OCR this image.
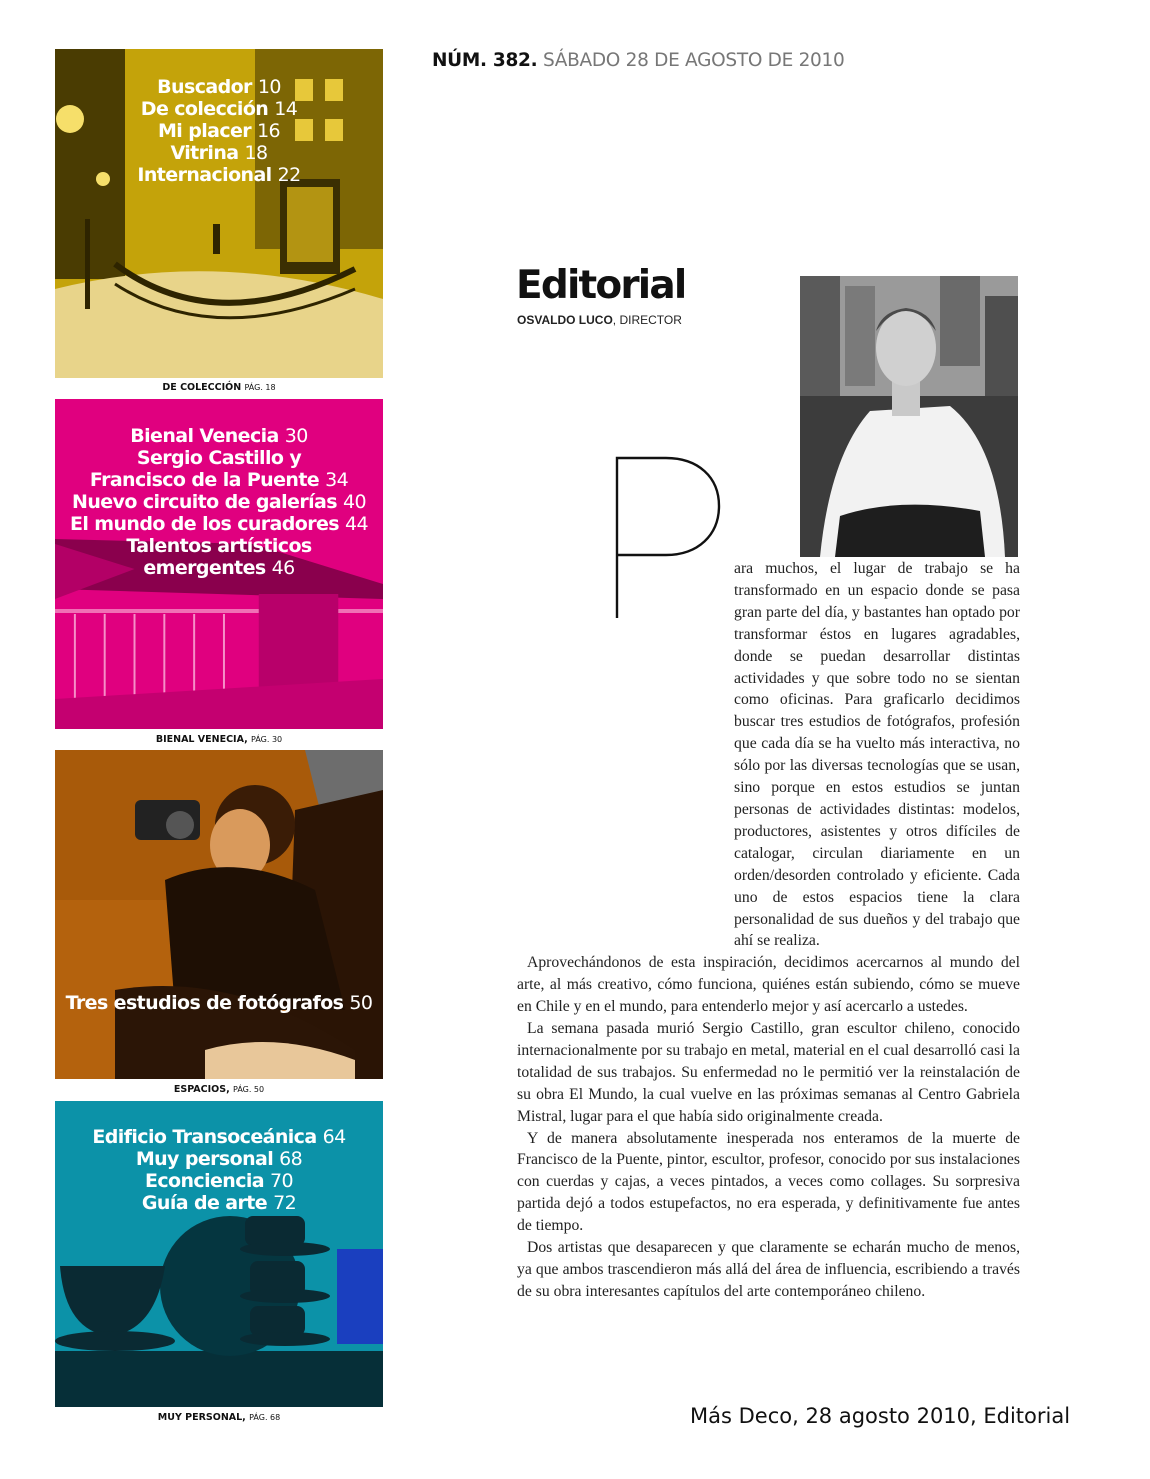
NÚM. 382. SÁBADO 28 DE AGOSTO DE 2010
Buscador 10
De colección 14
Mi placer 16
Vitrina 18
Internacional 22
DE COLECCIÓN PÁG. 18
Bienal Venecia 30
Sergio Castillo y
Francisco de la Puente 34
Nuevo circuito de galerías 40
El mundo de los curadores 44
Talentos artísticos
emergentes 46
BIENAL VENECIA, PÁG. 30
Tres estudios de fotógrafos 50
ESPACIOS, PÁG. 50
Edificio Transoceánica 64
Muy personal 68
Econciencia 70
Guía de arte 72
MUY PERSONAL, PÁG. 68
Editorial
OSVALDO LUCO, DIRECTOR

ara muchos, el lugar de trabajo se ha transformado en un espacio donde se pasa gran parte del día, y bastantes han optado por transformar éstos en lugares agradables, donde se puedan desarrollar distintas actividades y que sobre todo no se sientan como oficinas. Para graficarlo decidimos buscar tres estudios de fotógrafos, profesión que cada día se ha vuelto más interactiva, no sólo por las diversas tecnologías que se usan, sino porque en estos estudios se juntan personas de actividades distintas: modelos, productores, asistentes y otros difíciles de catalogar, circulan diariamente en un orden/desorden controlado y eficiente. Cada uno de estos espacios tiene la clara personalidad de sus dueños y del trabajo que ahí se realiza.

Aprovechándonos de esta inspiración, decidimos acercarnos al mundo del arte, al más creativo, cómo funciona, quiénes están subiendo, cómo se mueve en Chile y en el mundo, para entenderlo mejor y así acercarlo a ustedes.

La semana pasada murió Sergio Castillo, gran escultor chileno, conocido internacionalmente por su trabajo en metal, material en el cual desarrolló casi la totalidad de sus trabajos. Su enfermedad no le permitió ver la reinstalación de su obra El Mundo, la cual vuelve en las próximas semanas al Centro Gabriela Mistral, lugar para el que había sido originalmente creada.

Y de manera absolutamente inesperada nos enteramos de la muerte de Francisco de la Puente, pintor, escultor, profesor, conocido por sus instalaciones con cuerdas y cajas, a veces pintados, a veces como collages. Su sorpresiva partida dejó a todos estupefactos, no era esperada, y definitivamente fue antes de tiempo.

Dos artistas que desaparecen y que claramente se echarán mucho de menos, ya que ambos trascendieron más allá del área de influencia, escribiendo a través de su obra interesantes capítulos del arte contemporáneo chileno.

Más Deco, 28 agosto 2010, Editorial
